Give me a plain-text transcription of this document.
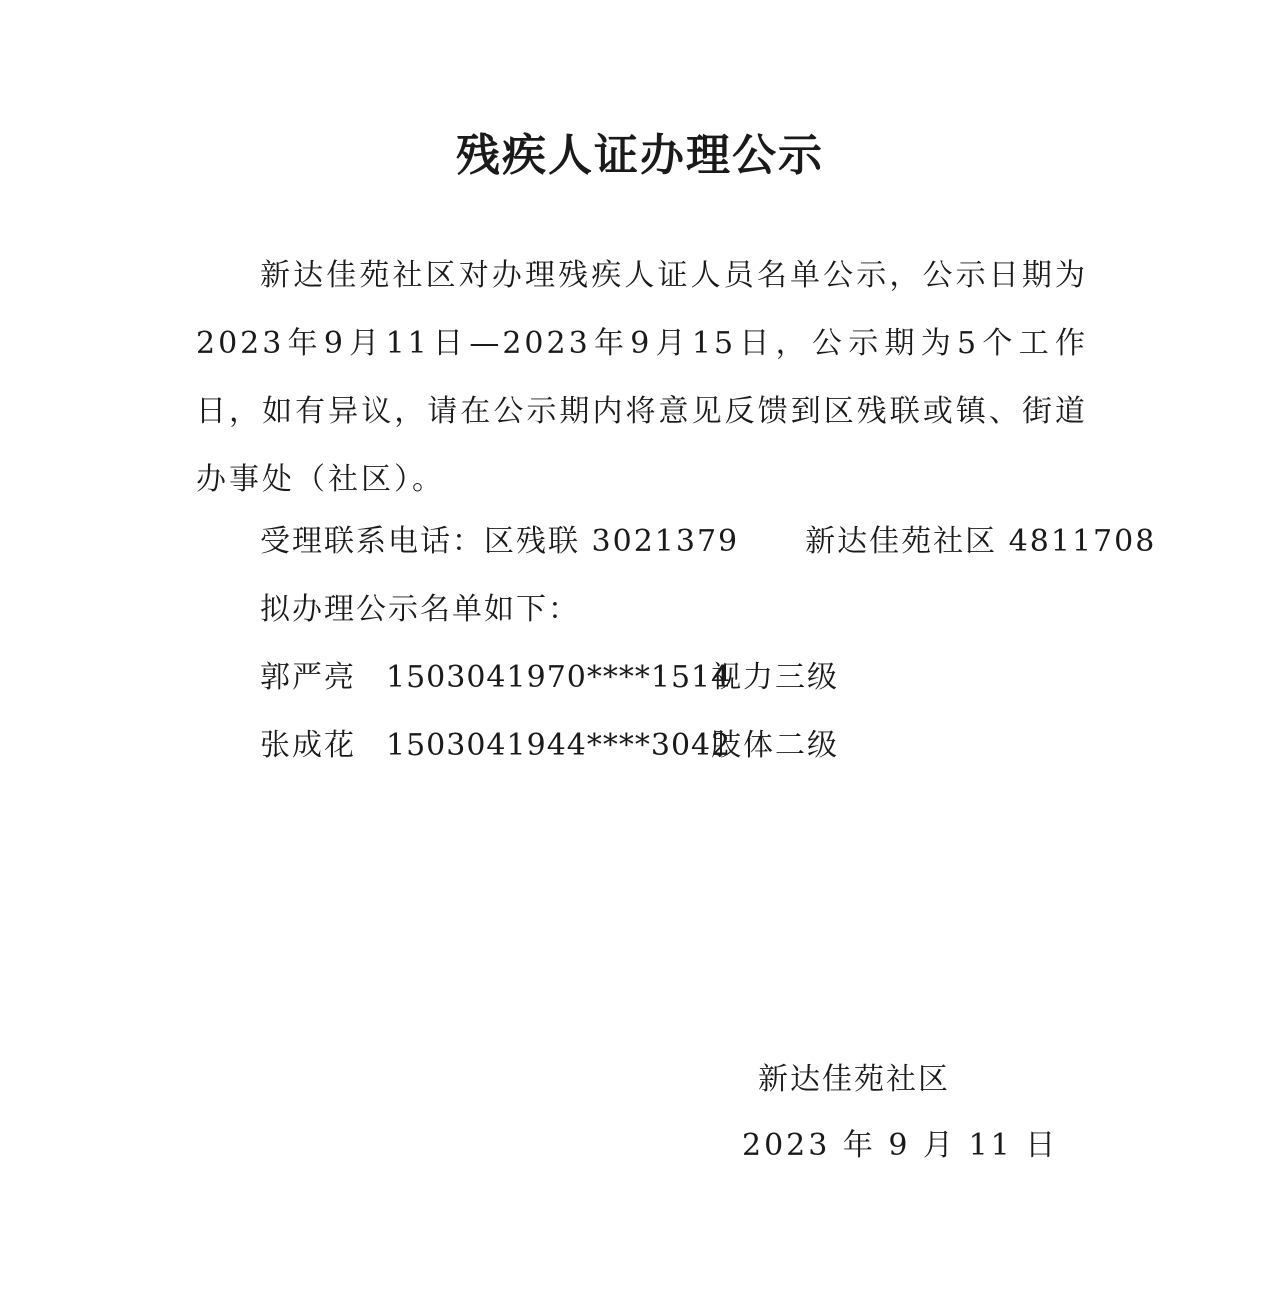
残疾人证办理公示

新达佳苑社区对办理残疾人证人员名单公示，公示日期为2023年9月11日—2023年9月15日，公示期为5个工作日，如有异议，请在公示期内将意见反馈到区残联或镇、街道办事处（社区）。

受理联系电话：区残联 3021379 新达佳苑社区 4811708
拟办理公示名单如下：
郭严亮 1503041970****1514视力三级
张成花 1503041944****3042肢体二级
新达佳苑社区
2023 年 9 月 11 日
